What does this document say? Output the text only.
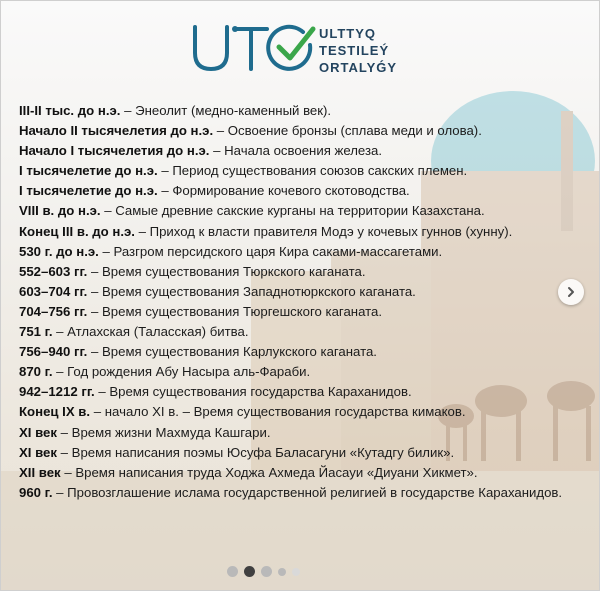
ULTTYQ
TESTILEÝ
ORTALYǴY
III-II тыс. до н.э. – Энеолит (медно-каменный век).
Начало II тысячелетия до н.э. – Освоение бронзы (сплава меди и олова).
Начало I тысячелетия до н.э. – Начала освоения железа.
I тысячелетие до н.э. – Период существования союзов сакских племен.
I тысячелетие до н.э. – Формирование кочевого скотоводства.
VIII в. до н.э. – Самые древние сакские курганы на территории Казахстана.
Конец III в. до н.э. – Приход к власти правителя Модэ у кочевых гуннов (хунну).
530 г. до н.э. – Разгром персидского царя Кира саками-массагетами.
552–603 гг. – Время существования Тюркского каганата.
603–704 гг. – Время существования Западнотюркского каганата.
704–756 гг. – Время существования Тюргешского каганата.
751 г. – Атлахская (Таласская) битва.
756–940 гг. – Время существования Карлукского каганата.
870 г. – Год рождения Абу Насыра аль-Фараби.
942–1212 гг. – Время существования государства Караханидов.
Конец IX в. – начало XI в. – Время существования государства кимаков.
XI век – Время жизни Махмуда Кашгари.
XI век – Время написания поэмы Юсуфа Баласагуни «Кутадгу билик».
XII век – Время написания труда Ходжа Ахмеда Йасауи «Диуани Хикмет».
960 г. – Провозглашение ислама государственной религией в государстве Караханидов.
